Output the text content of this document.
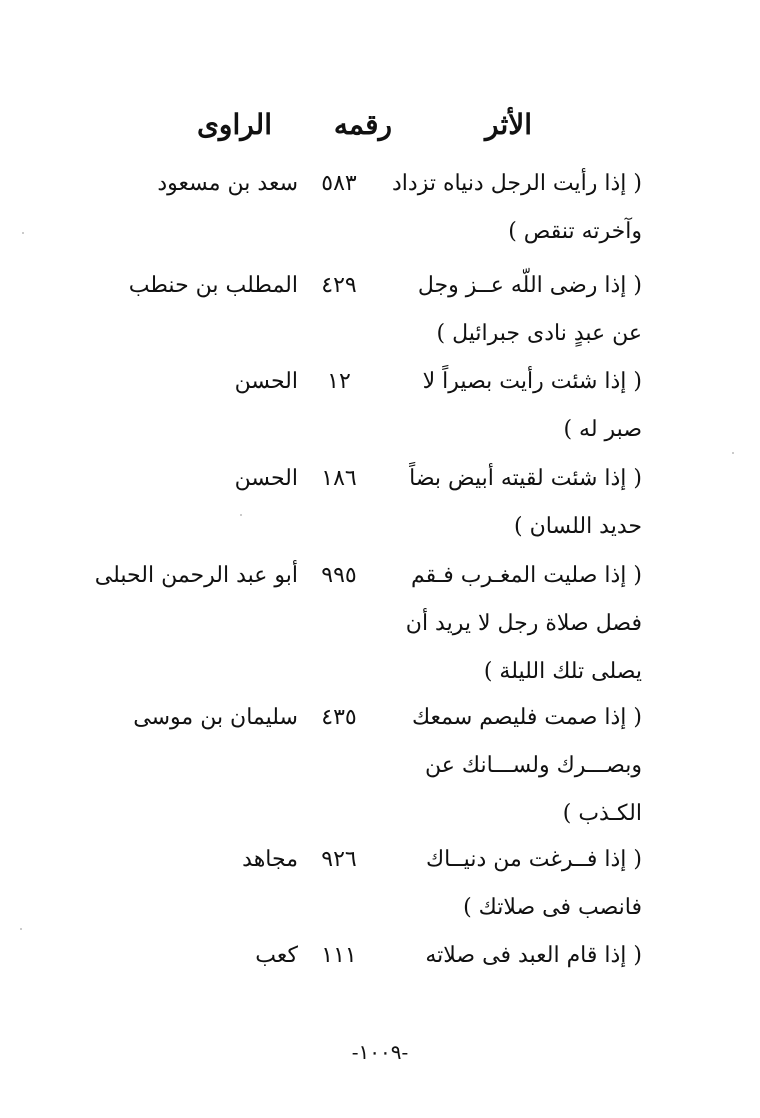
الأثر
رقمه
الراوى
( إذا رأيت الرجل دنياه تزداد
وآخرته تنقص )
٥٨٣
سعد بن مسعود
( إذا رضى اللّه عــز وجل
عن عبدٍ نادى جبرائيل )
٤٢٩
المطلب بن حنطب
( إذا شئت رأيت بصيراً لا
صبر له )
١٢
الحسن
( إذا شئت لقيته أبيض بضاً
حديد اللسان )
١٨٦
الحسن
( إذا صليت المغـرب فـقم
فصل صلاة رجل لا يريد أن
يصلى تلك الليلة )
٩٩٥
أبو عبد الرحمن الحبلى
( إذا صمت فليصم سمعك
وبصـــرك ولســـانك عن
الكـذب )
٤٣٥
سليمان بن موسى
( إذا فــرغت من دنيــاك
فانصب فى صلاتك )
٩٢٦
مجاهد
( إذا قام العبد فى صلاته
١١١
كعب
-١٠٠٩-
